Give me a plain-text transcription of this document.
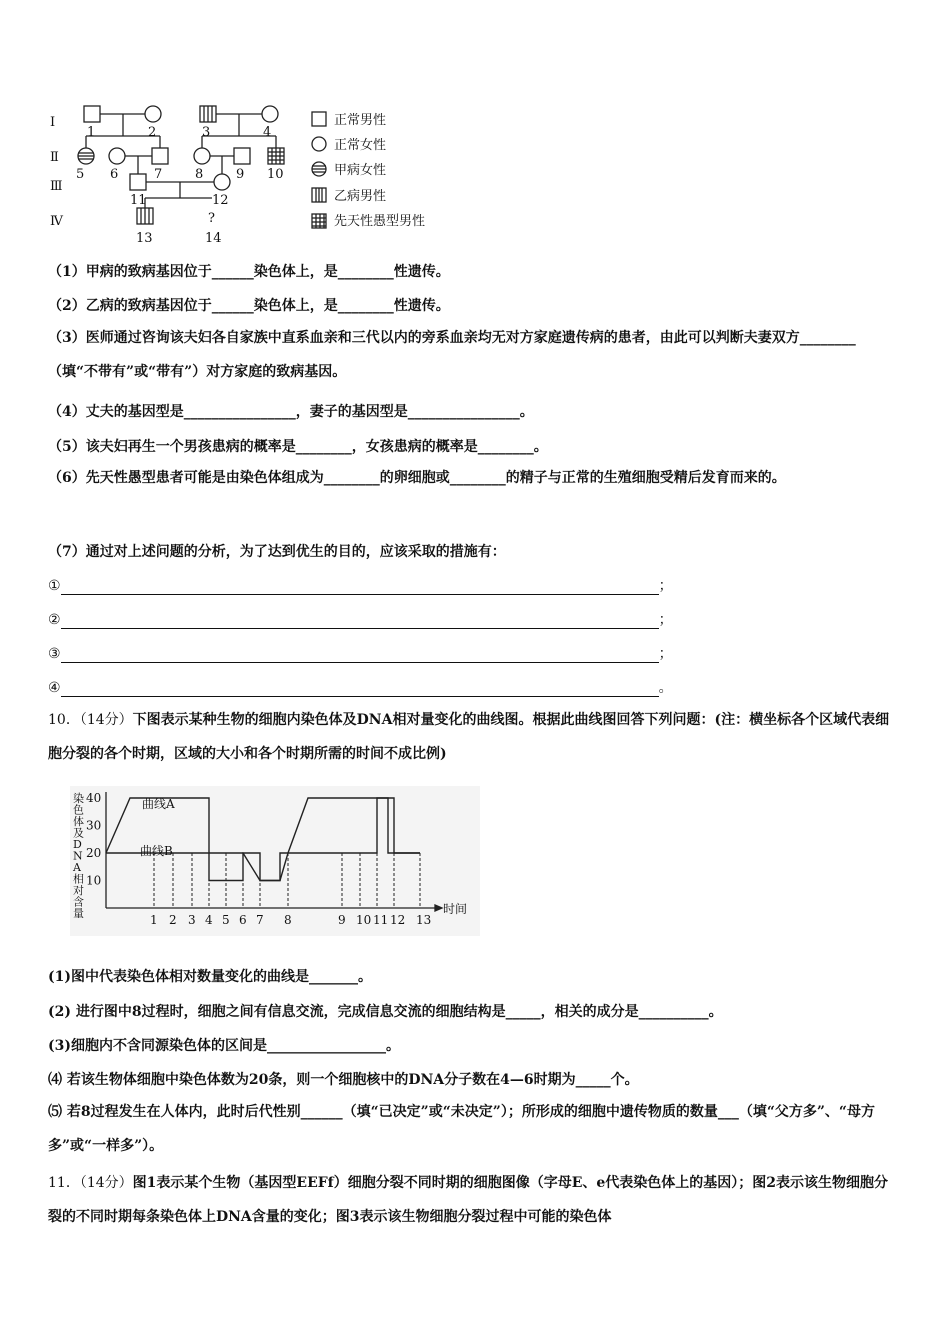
Ⅰ
Ⅱ
Ⅲ
Ⅳ
1	2	3	4
5 6	7	8	9 10
11	12
13	14
?
正常男性
正常女性
甲病女性
乙病男性
先天性愚型男性
（1）甲病的致病基因位于______染色体上，是________性遗传。
（2）乙病的致病基因位于______染色体上，是________性遗传。
（3）医师通过咨询该夫妇各自家族中直系血亲和三代以内的旁系血亲均无对方家庭遗传病的患者，由此可以判断夫妻双方________（填“不带有”或“带有”）对方家庭的致病基因。
（4）丈夫的基因型是________________，妻子的基因型是________________。
（5）该夫妇再生一个男孩患病的概率是________，女孩患病的概率是________。
（6）先天性愚型患者可能是由染色体组成为________的卵细胞或________的精子与正常的生殖细胞受精后发育而来的。
（7）通过对上述问题的分析，为了达到优生的目的，应该采取的措施有：
①	；
②	；
③	；
④	。
10．（14分）下图表示某种生物的细胞内染色体及DNA相对量变化的曲线图。根据此曲线图回答下列问题：(注：横坐标各个区域代表细胞分裂的各个时期，区域的大小和各个时期所需的时间不成比例)
10
20
30
40
1 2 3 4 5 6 7 8	9 10 11 12 13
曲线A
曲线B
时间
染色体及 D N A 相对含量
(1)图中代表染色体相对数量变化的曲线是_______。
(2) 进行图中8过程时，细胞之间有信息交流，完成信息交流的细胞结构是_____，相关的成分是__________。
(3)细胞内不含同源染色体的区间是_________________。
⑷ 若该生物体细胞中染色体数为20条，则一个细胞核中的DNA分子数在4—6时期为_____个。
⑸ 若8过程发生在人体内，此时后代性别______（填“已决定”或“未决定”）；所形成的细胞中遗传物质的数量___（填“父方多”、“母方多”或“一样多”）。
11．（14分）图1表示某个生物（基因型EEFf）细胞分裂不同时期的细胞图像（字母E、e代表染色体上的基因）；图2表示该生物细胞分裂的不同时期每条染色体上DNA含量的变化；图3表示该生物细胞分裂过程中可能的染色体
